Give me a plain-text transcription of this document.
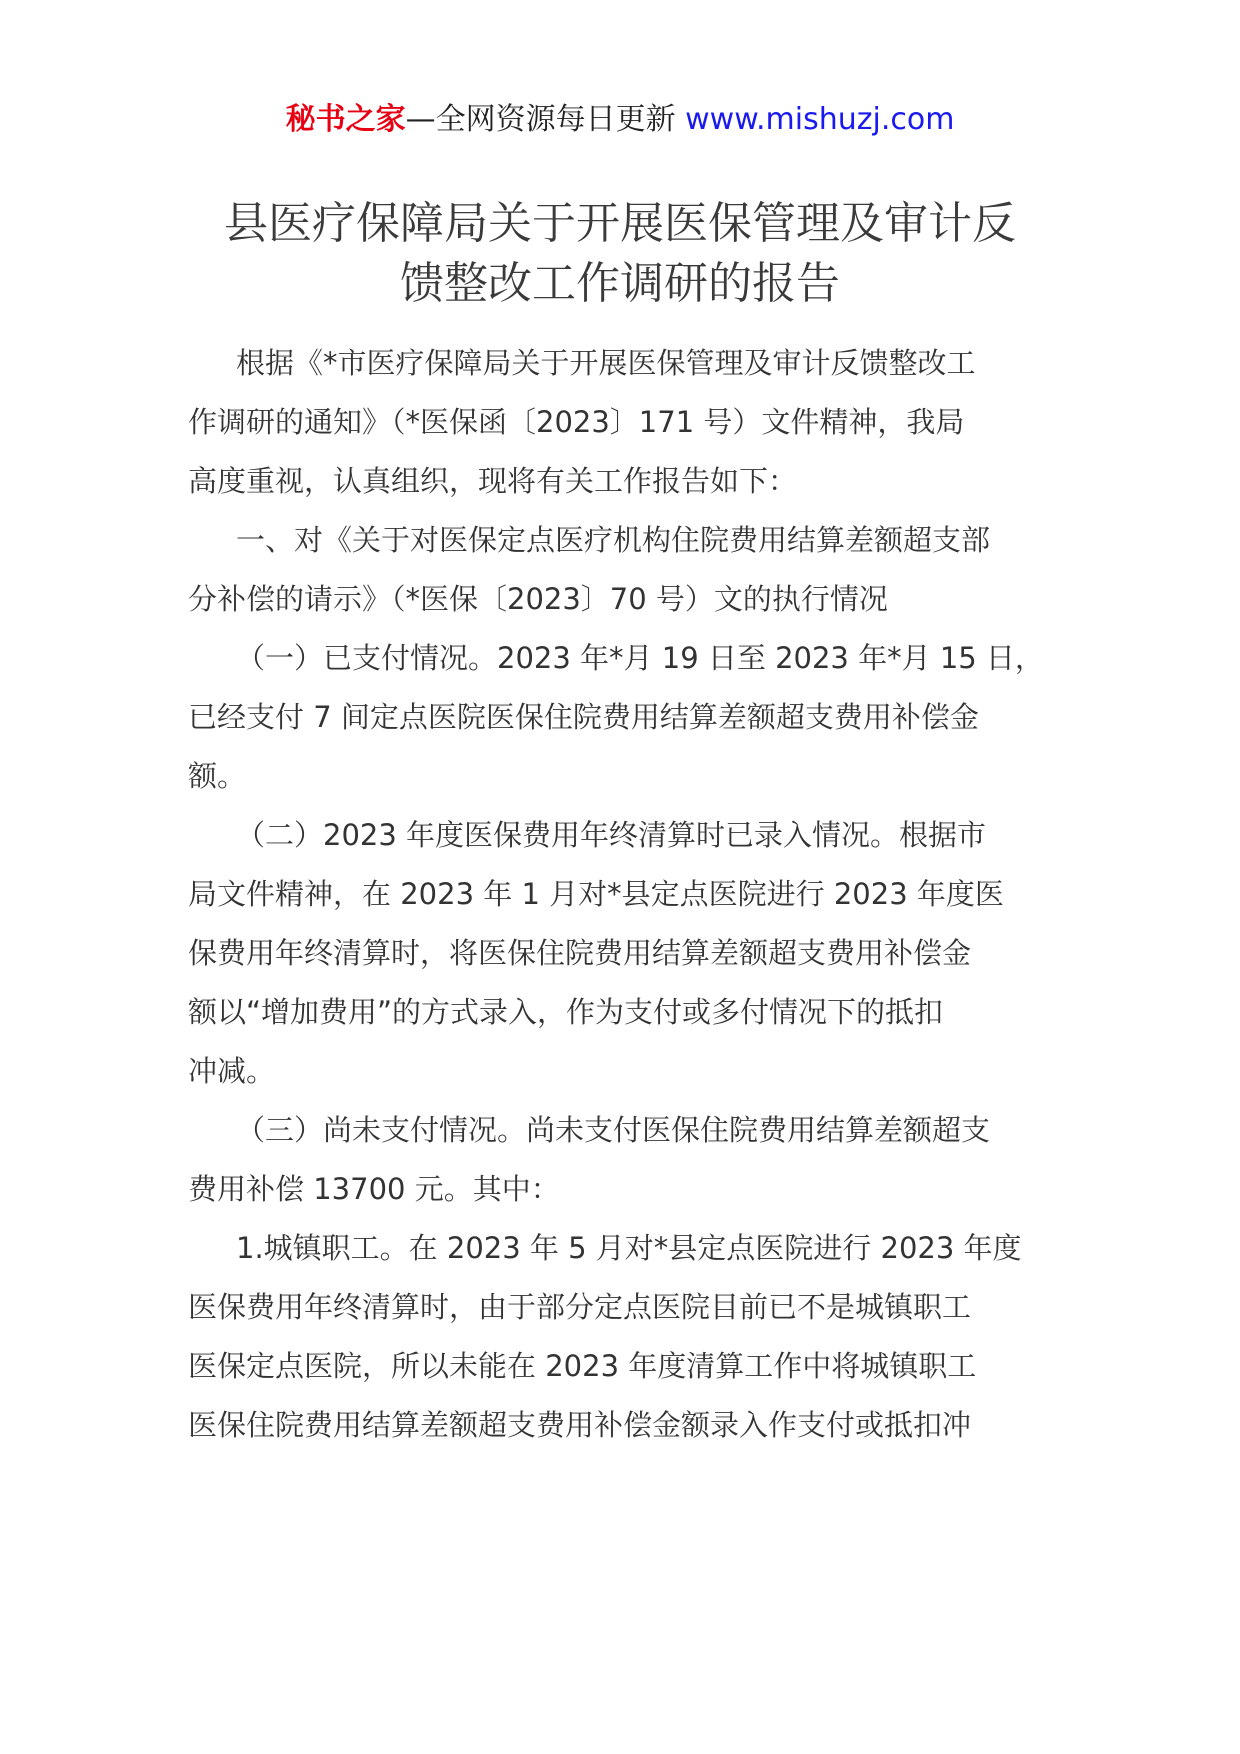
秘书之家—全网资源每日更新 www.mishuzj.com
县医疗保障局关于开展医保管理及审计反
馈整改工作调研的报告
根据《*市医疗保障局关于开展医保管理及审计反馈整改工
作调研的通知》（*医保函〔2023〕171 号）文件精神，我局
高度重视，认真组织，现将有关工作报告如下：
一、对《关于对医保定点医疗机构住院费用结算差额超支部
分补偿的请示》（*医保〔2023〕70 号）文的执行情况
（一）已支付情况。2023 年*月 19 日至 2023 年*月 15 日，
已经支付 7 间定点医院医保住院费用结算差额超支费用补偿金
额。
（二）2023 年度医保费用年终清算时已录入情况。根据市
局文件精神，在 2023 年 1 月对*县定点医院进行 2023 年度医
保费用年终清算时，将医保住院费用结算差额超支费用补偿金
额以“增加费用”的方式录入，作为支付或多付情况下的抵扣
冲减。
（三）尚未支付情况。尚未支付医保住院费用结算差额超支
费用补偿 13700 元。其中：
1.城镇职工。在 2023 年 5 月对*县定点医院进行 2023 年度
医保费用年终清算时，由于部分定点医院目前已不是城镇职工
医保定点医院，所以未能在 2023 年度清算工作中将城镇职工
医保住院费用结算差额超支费用补偿金额录入作支付或抵扣冲
